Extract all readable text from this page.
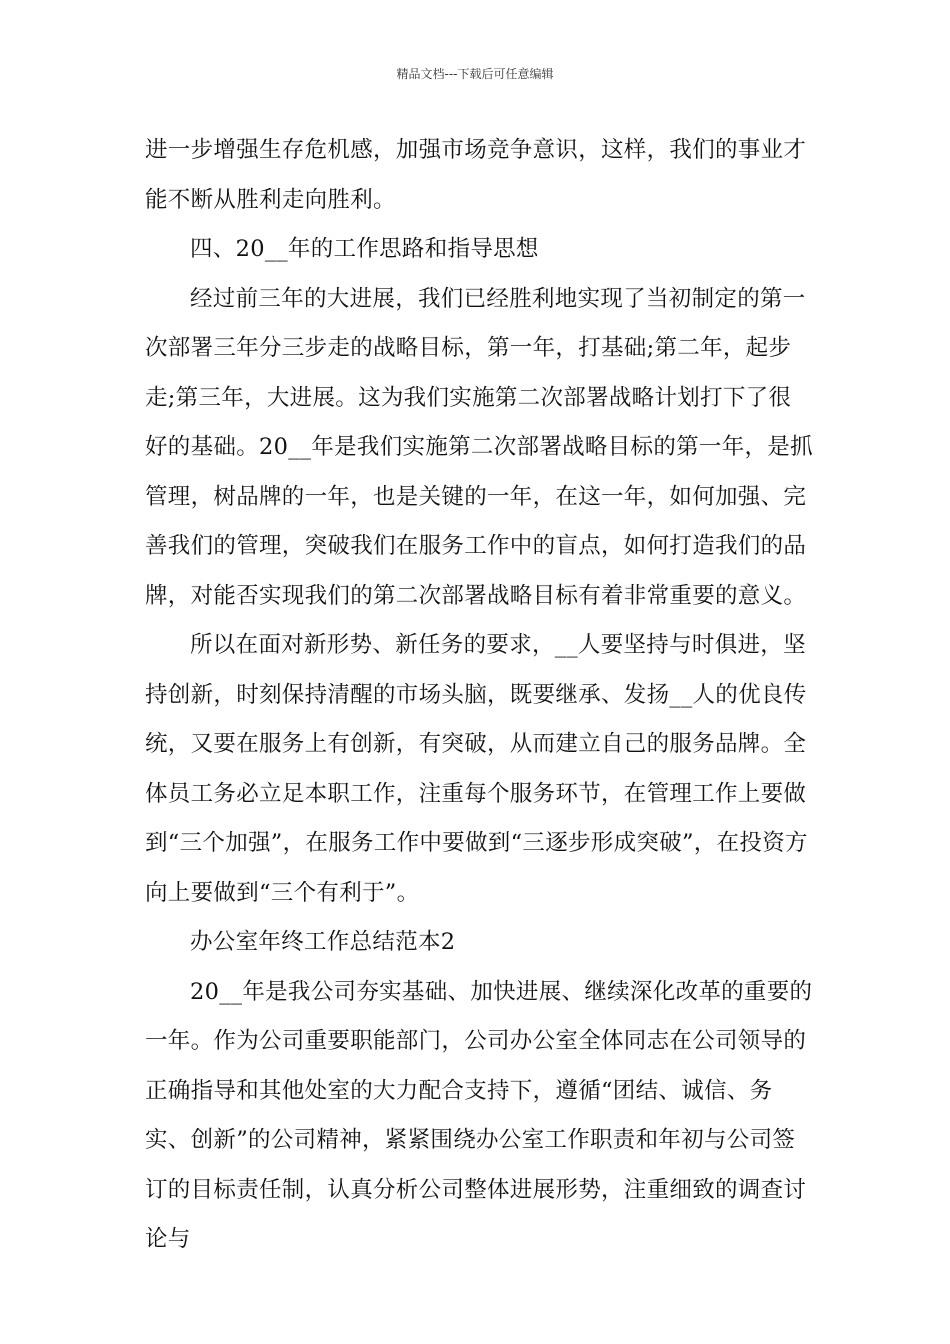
精品文档---下载后可任意编辑

进一步增强生存危机感，加强市场竞争意识，这样，我们的事业才能不断从胜利走向胜利。

四、20__年的工作思路和指导思想

经过前三年的大进展，我们已经胜利地实现了当初制定的第一次部署三年分三步走的战略目标，第一年，打基础;第二年，起步走;第三年，大进展。这为我们实施第二次部署战略计划打下了很好的基础。20__年是我们实施第二次部署战略目标的第一年，是抓管理，树品牌的一年，也是关键的一年，在这一年，如何加强、完善我们的管理，突破我们在服务工作中的盲点，如何打造我们的品牌，对能否实现我们的第二次部署战略目标有着非常重要的意义。

所以在面对新形势、新任务的要求，__人要坚持与时俱进，坚持创新，时刻保持清醒的市场头脑，既要继承、发扬__人的优良传统，又要在服务上有创新，有突破，从而建立自己的服务品牌。全体员工务必立足本职工作，注重每个服务环节，在管理工作上要做到“三个加强”，在服务工作中要做到“三逐步形成突破”，在投资方向上要做到“三个有利于”。

办公室年终工作总结范本2

20__年是我公司夯实基础、加快进展、继续深化改革的重要的一年。作为公司重要职能部门，公司办公室全体同志在公司领导的正确指导和其他处室的大力配合支持下，遵循“团结、诚信、务实、创新”的公司精神，紧紧围绕办公室工作职责和年初与公司签订的目标责任制，认真分析公司整体进展形势，注重细致的调查讨论与
